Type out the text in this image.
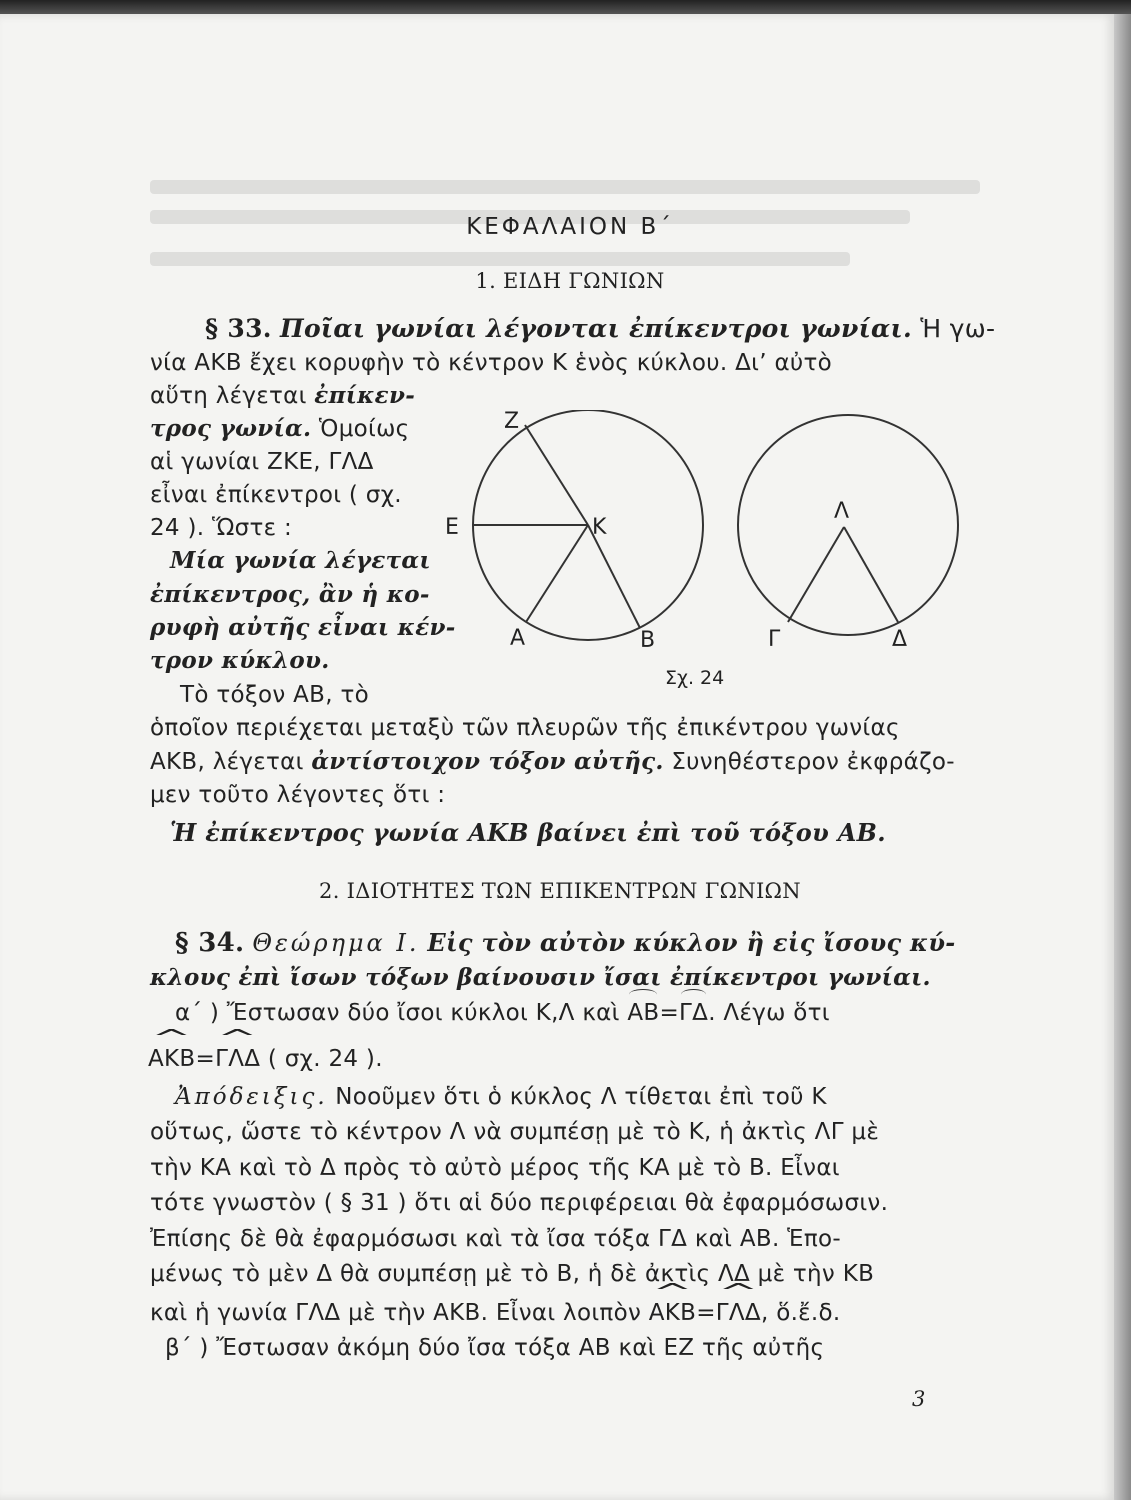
ΚΕΦΑΛΑΙΟΝ Β΄
1. ΕΙΔΗ ΓΩΝΙΩΝ
§ 33. Ποῖαι γωνίαι λέγονται ἐπίκεντροι γωνίαι. Ἡ γω-
νία ΑΚΒ ἔχει κορυφὴν τὸ κέντρον Κ ἑνὸς κύκλου. Δι’ αὐτὸ
αὕτη λέγεται ἐπίκεν-
τρος γωνία. Ὁμοίως
αἱ γωνίαι ΖΚΕ, ΓΛΔ
εἶναι ἐπίκεντροι ( σχ.
24 ). Ὥστε :
Μία γωνία λέγεται
ἐπίκεντρος, ἂν ἡ κο-
ρυφὴ αὐτῆς εἶναι κέν-
τρον κύκλου.
Ζ
Ε	Κ
Α	Β
Λ
Γ	Δ
Σχ. 24
Τὸ τόξον ΑΒ, τὸ
ὁποῖον περιέχεται μεταξὺ τῶν πλευρῶν τῆς ἐπικέντρου γωνίας
ΑΚΒ, λέγεται ἀντίστοιχον τόξον αὐτῆς. Συνηθέστερον ἐκφράζο-
μεν τοῦτο λέγοντες ὅτι :
Ἡ ἐπίκεντρος γωνία ΑΚΒ βαίνει ἐπὶ τοῦ τόξου ΑΒ.
2. ΙΔΙΟΤΗΤΕΣ ΤΩΝ ΕΠΙΚΕΝΤΡΩΝ ΓΩΝΙΩΝ
§ 34. Θεώρημα Ι. Εἰς τὸν αὐτὸν κύκλον ἢ εἰς ἴσους κύ-
κλους ἐπὶ ἴσων τόξων βαίνουσιν ἴσαι ἐπίκεντροι γωνίαι.
α΄ ) Ἔστωσαν δύο ἴσοι κύκλοι Κ,Λ καὶ ΑΒ=ΓΔ. Λέγω ὅτι
^ ΑΚΒ=^ ΓΛΔ ( σχ. 24 ).
Ἀπόδειξις. Νοοῦμεν ὅτι ὁ κύκλος Λ τίθεται ἐπὶ τοῦ Κ
οὕτως, ὥστε τὸ κέντρον Λ νὰ συμπέσῃ μὲ τὸ Κ, ἡ ἀκτὶς ΛΓ μὲ
τὴν ΚΑ καὶ τὸ Δ πρὸς τὸ αὐτὸ μέρος τῆς ΚΑ μὲ τὸ Β. Εἶναι
τότε γνωστὸν ( § 31 ) ὅτι αἱ δύο περιφέρειαι θὰ ἐφαρμόσωσιν.
Ἐπίσης δὲ θὰ ἐφαρμόσωσι καὶ τὰ ἴσα τόξα ΓΔ καὶ ΑΒ. Ἑπο-
μένως τὸ μὲν Δ θὰ συμπέσῃ μὲ τὸ Β, ἡ δὲ ἀκτὶς ΛΔ μὲ τὴν ΚΒ
καὶ ἡ γωνία ΓΛΔ μὲ τὴν ΑΚΒ. Εἶναι λοιπὸν ^ ΑΚΒ=^ ΓΛΔ, ὅ.ἔ.δ.
β΄ ) Ἔστωσαν ἀκόμη δύο ἴσα τόξα ΑΒ καὶ ΕΖ τῆς αὐτῆς
3
